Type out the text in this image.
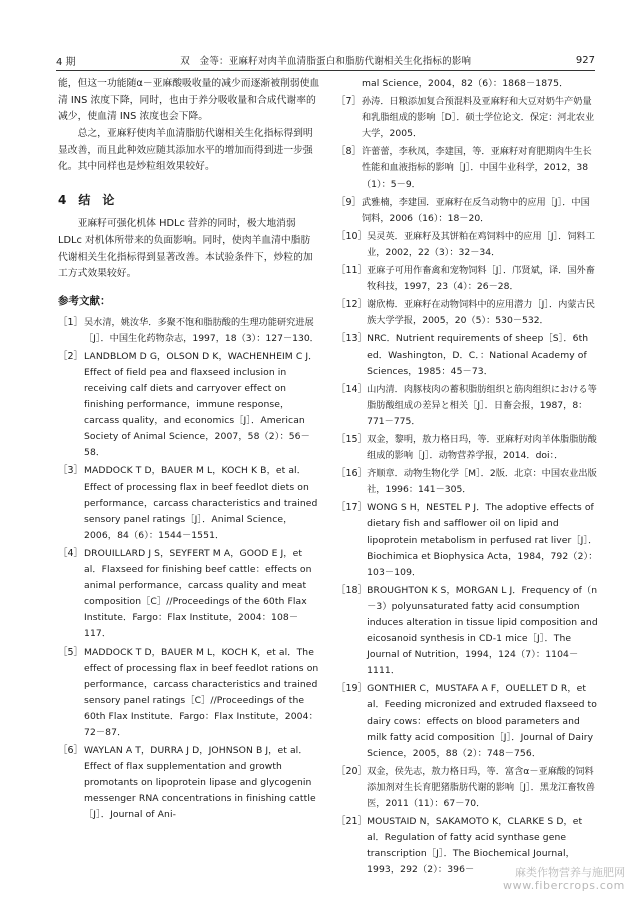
4 期	双　金等：亚麻籽对肉羊血清脂蛋白和脂肪代谢相关生化指标的影响	927

能，但这一功能随α－亚麻酸吸收量的减少而逐渐被削弱使血清 INS 浓度下降，同时，也由于养分吸收量和合成代谢率的减少，使血清 INS 浓度也会下降。

总之，亚麻籽使肉羊血清脂肪代谢相关生化指标得到明显改善，而且此种效应随其添加水平的增加而得到进一步强化。其中同样也是炒粒组效果较好。

4　结　论

亚麻籽可强化机体 HDLc 营养的同时，极大地消弱 LDLc 对机体所带来的负面影响。同时，使肉羊血清中脂肪代谢相关生化指标得到显著改善。本试验条件下，炒粒的加工方式效果较好。

参考文献：
［1］ 吴水清，姚汝华．多聚不饱和脂肪酸的生理功能研究进展［J］．中国生化药物杂志，1997，18（3）：127－130．
［2］ LANDBLOM D G，OLSON D K，WACHENHEIM C J．Effect of field pea and flaxseed inclusion in receiving calf diets and carryover effect on finishing performance，immune response，carcass quality，and economics［J］．American Society of Animal Science，2007，58（2）：56－58．
［3］ MADDOCK T D，BAUER M L，KOCH K B，et al．Effect of processing flax in beef feedlot diets on performance，carcass characteristics and trained sensory panel ratings［J］．Animal Science，2006，84（6）：1544－1551．
［4］ DROUILLARD J S，SEYFERT M A，GOOD E J，et al．Flaxseed for finishing beef cattle：effects on animal performance，carcass quality and meat composition［C］//Proceedings of the 60th Flax Institute．Fargo：Flax Institute，2004：108－117．
［5］ MADDOCK T D，BAUER M L，KOCH K，et al．The effect of processing flax in beef feedlot rations on performance，carcass characteristics and trained sensory panel ratings［C］//Proceedings of the 60th Flax Institute．Fargo：Flax Institute，2004：72－87．
［6］ WAYLAN A T，DURRA J D，JOHNSON B J，et al．Effect of flax supplementation and growth promotants on lipoprotein lipase and glycogenin messenger RNA concentrations in finishing cattle［J］．Journal of Ani-
mal Science，2004，82（6）：1868－1875．
［7］ 孙涛．日粮添加复合预混料及亚麻籽和大豆对奶牛产奶量和乳脂组成的影响［D］．硕士学位论文．保定：河北农业大学，2005．
［8］ 许蕾蕾，李秋凤，李建国，等．亚麻籽对育肥期肉牛生长性能和血液指标的影响［J］．中国牛业科学，2012，38（1）：5－9．
［9］ 武雅楠，李建国．亚麻籽在反刍动物中的应用［J］．中国饲料，2006（16）：18－20．
［10］ 吴灵英．亚麻籽及其饼粕在鸡饲料中的应用［J］．饲料工业，2002，22（3）：32－34．
［11］ 亚麻子可用作畜禽和宠物饲料［J］．邝贤斌，译．国外畜牧科技，1997，23（4）：26－28．
［12］ 谢欣梅．亚麻籽在动物饲料中的应用潜力［J］．内蒙古民族大学学报，2005，20（5）：530－532．
［13］ NRC．Nutrient requirements of sheep［S］．6th ed．Washington，D．C．：National Academy of Sciences，1985：45－73．
［14］ 山内清．肉豚枝肉の蓄积脂肪组织と筋肉组织における等脂肪酸组成の差异と相关［J］．日畜会报，1987，8：771－775．
［15］ 双金，黎明，敖力格日玛，等．亚麻籽对肉羊体脂脂肪酸组成的影响［J］．动物营养学报，2014．doi：．
［16］ 齐顺章．动物生物化学［M］．2版．北京：中国农业出版社，1996：141－305．
［17］ WONG S H，NESTEL P J．The adoptive effects of dietary fish and safflower oil on lipid and lipoprotein metabolism in perfused rat liver［J］．Biochimica et Biophysica Acta，1984，792（2）：103－109．
［18］ BROUGHTON K S，MORGAN L J．Frequency of（n－3）polyunsaturated fatty acid consumption induces alteration in tissue lipid composition and eicosanoid synthesis in CD-1 mice［J］．The Journal of Nutrition，1994，124（7）：1104－1111．
［19］ GONTHIER C，MUSTAFA A F，OUELLET D R，et al．Feeding micronized and extruded flaxseed to dairy cows：effects on blood parameters and milk fatty acid composition［J］．Journal of Dairy Science，2005，88（2）：748－756．
［20］ 双金，侯先志，敖力格日玛，等．富含α－亚麻酸的饲料添加剂对生长育肥猪脂肪代谢的影响［J］．黑龙江畜牧兽医，2011（11）：67－70．
［21］ MOUSTAID N，SAKAMOTO K，CLARKE S D，et al．Regulation of fatty acid synthase gene transcription［J］．The Biochemical Journal，1993，292（2）：396－	麻类作物营养与施肥网
www.fibercrops.com
